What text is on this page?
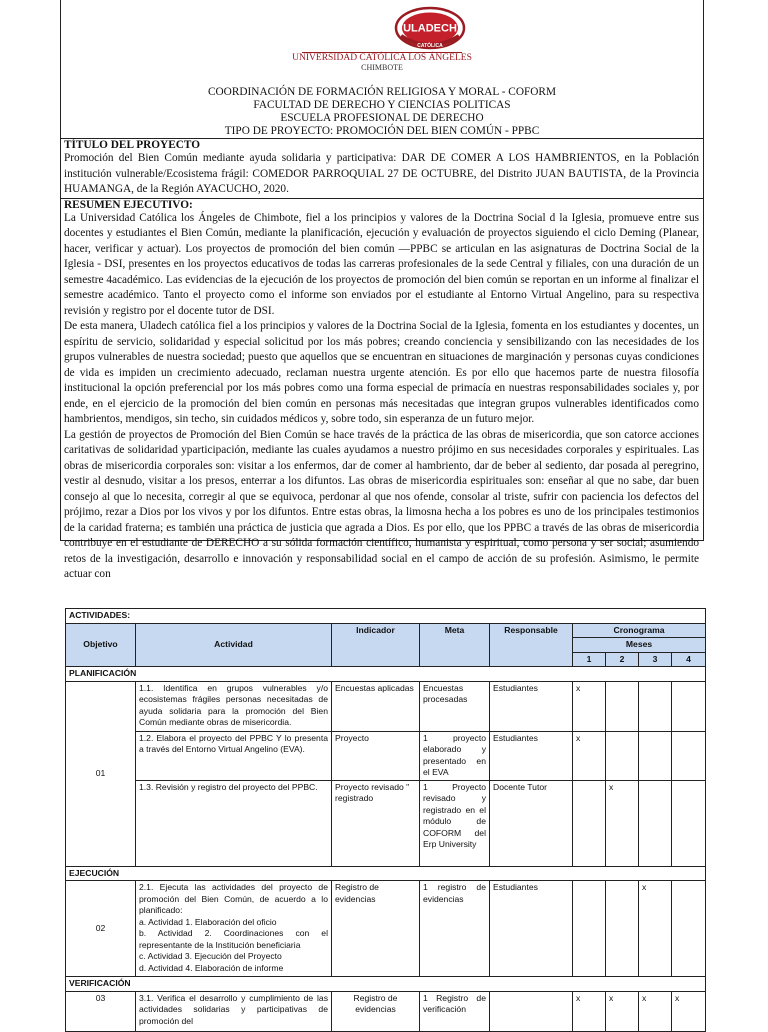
ULADECH
CATÓLICA
UNIVERSIDAD CATÓLICA LOS ÁNGELES
CHIMBOTE
COORDINACIÓN DE FORMACIÓN RELIGIOSA Y MORAL - COFORM
FACULTAD DE DERECHO Y CIENCIAS POLITICAS
ESCUELA PROFESIONAL DE DERECHO
TIPO DE PROYECTO: PROMOCIÓN DEL BIEN COMÚN - PPBC
TÍTULO DEL PROYECTO
Promoción del Bien Común mediante ayuda solidaria y participativa: DAR DE COMER A LOS HAMBRIENTOS, en la Población institución vulnerable/Ecosistema frágil: COMEDOR PARROQUIAL 27 DE OCTUBRE, del Distrito JUAN BAUTISTA, de la Provincia HUAMANGA, de la Región AYACUCHO, 2020.
RESUMEN EJECUTIVO:
La Universidad Católica los Ángeles de Chimbote, fiel a los principios y valores de la Doctrina Social d la Iglesia, promueve entre sus docentes y estudiantes el Bien Común, mediante la planificación, ejecución y evaluación de proyectos siguiendo el ciclo Deming (Planear, hacer, verificar y actuar). Los proyectos de promoción del bien común —PPBC se articulan en las asignaturas de Doctrina Social de la Iglesia - DSI, presentes en los proyectos educativos de todas las carreras profesionales de la sede Central y filiales, con una duración de un semestre 4académico. Las evidencias de la ejecución de los proyectos de promoción del bien común se reportan en un informe al finalizar el semestre académico. Tanto el proyecto como el informe son enviados por el estudiante al Entorno Virtual Angelino, para su respectiva revisión y registro por el docente tutor de DSI.
De esta manera, Uladech católica fiel a los principios y valores de la Doctrina Social de la Iglesia, fomenta en los estudiantes y docentes, un espíritu de servicio, solidaridad y especial solicitud por los más pobres; creando conciencia y sensibilizando con las necesidades de los grupos vulnerables de nuestra sociedad; puesto que aquellos que se encuentran en situaciones de marginación y personas cuyas condiciones de vida es impiden un crecimiento adecuado, reclaman nuestra urgente atención. Es por ello que hacemos parte de nuestra filosofía institucional la opción preferencial por los más pobres como una forma especial de primacía en nuestras responsabilidades sociales y, por ende, en el ejercicio de la promoción del bien común en personas más necesitadas que integran grupos vulnerables identificados como hambrientos, mendigos, sin techo, sin cuidados médicos y, sobre todo, sin esperanza de un futuro mejor.
La gestión de proyectos de Promoción del Bien Común se hace través de la práctica de las obras de misericordia, que son catorce acciones caritativas de solidaridad yparticipación, mediante las cuales ayudamos a nuestro prójimo en sus necesidades corporales y espirituales. Las obras de misericordia corporales son: visitar a los enfermos, dar de comer al hambriento, dar de beber al sediento, dar posada al peregrino, vestir al desnudo, visitar a los presos, enterrar a los difuntos. Las obras de misericordia espirituales son: enseñar al que no sabe, dar buen consejo al que lo necesita, corregir al que se equivoca, perdonar al que nos ofende, consolar al triste, sufrir con paciencia los defectos del prójimo, rezar a Dios por los vivos y por los difuntos. Entre estas obras, la limosna hecha a los pobres es uno de los principales testimonios de la caridad fraterna; es también una práctica de justicia que agrada a Dios. Es por ello, que los PPBC a través de las obras de misericordia contribuye en el estudiante de DERECHO a su sólida formación científico, humanista y espiritual, como persona y ser social; asumiendo retos de la investigación, desarrollo e innovación y responsabilidad social en el campo de acción de su profesión. Asimismo, le permite actuar con
ACTIVIDADES:								
Objetivo	Actividad	Indicador	Meta	Responsable	Cronograma			
					Meses			
					1	2	3	4
PLANIFICACIÓN								
01	1.1. Identifica en grupos vulnerables y/o ecosistemas frágiles personas necesitadas de ayuda solidaria para la promoción del Bien Común mediante obras de misericordia.	Encuestas aplicadas	Encuestas procesadas	Estudiantes	x			
	1.2. Elabora el proyecto del PPBC Y lo presenta a través del Entorno Virtual Angelino (EVA).	Proyecto	1 proyecto elaborado y presentado en el EVA	Estudiantes	x			
	1.3. Revisión y registro del proyecto del PPBC.	Proyecto revisado " registrado	1 Proyecto revisado y registrado en el módulo de COFORM del Erp University	Docente Tutor		x		
EJECUCIÓN								
02	2.1. Ejecuta las actividades del proyecto de promoción del Bien Común, de acuerdo a lo planificado:
a. Actividad 1. Elaboración del oficio
b. Actividad 2. Coordinaciones con el representante de la Institución beneficiaria
c. Actividad 3. Ejecución del Proyecto
d. Actividad 4. Elaboración de informe	Registro de evidencias	1 registro de evidencias	Estudiantes			x	
VERIFICACIÓN								
03	3.1. Verifica el desarrollo y cumplimiento de las actividades solidarias y participativas de promoción del	Registro de evidencias	1 Registro de verificación		x	x	x	x
